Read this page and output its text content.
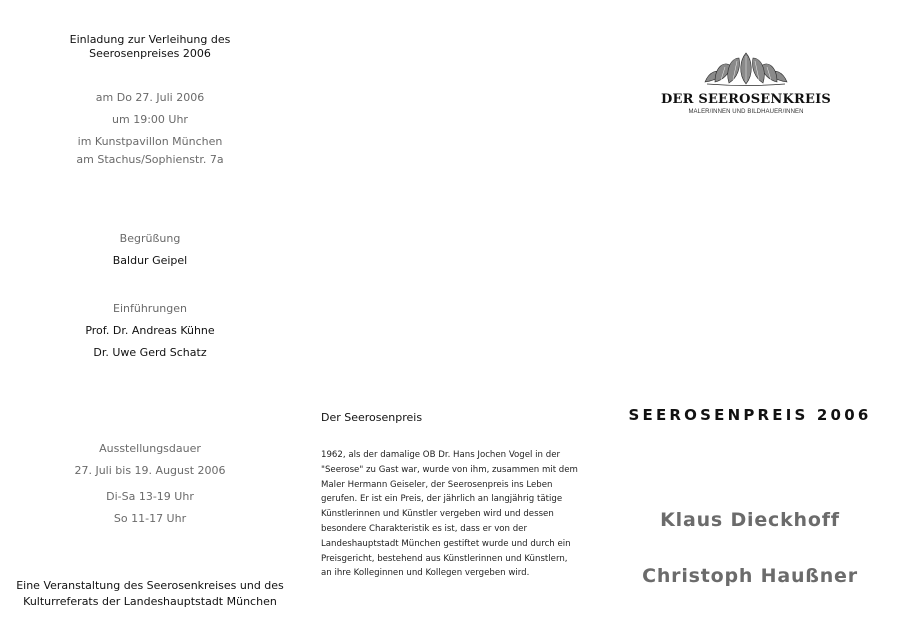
Einladung zur Verleihung des
Seerosenpreises 2006
am Do 27. Juli 2006
um 19:00 Uhr
im Kunstpavillon München
am Stachus/Sophienstr. 7a
Begrüßung
Baldur Geipel
Einführungen
Prof. Dr. Andreas Kühne
Dr. Uwe Gerd Schatz
Ausstellungsdauer
27. Juli bis 19. August 2006
Di-Sa 13-19 Uhr
So 11-17 Uhr
Eine Veranstaltung des Seerosenkreises und des
Kulturreferats der Landeshauptstadt München
Der Seerosenpreis
1962, als der damalige OB Dr. Hans Jochen Vogel in der
"Seerose" zu Gast war, wurde von ihm, zusammen mit dem
Maler Hermann Geiseler, der Seerosenpreis ins Leben
gerufen. Er ist ein Preis, der jährlich an langjährig tätige
Künstlerinnen und Künstler vergeben wird und dessen
besondere Charakteristik es ist, dass er von der
Landeshauptstadt München gestiftet wurde und durch ein
Preisgericht, bestehend aus Künstlerinnen und Künstlern,
an ihre Kolleginnen und Kollegen vergeben wird.
DER SEEROSENKREIS
MALER/INNEN UND BILDHAUER/INNEN
SEEROSENPREIS 2006
Klaus Dieckhoff
Christoph Haußner
